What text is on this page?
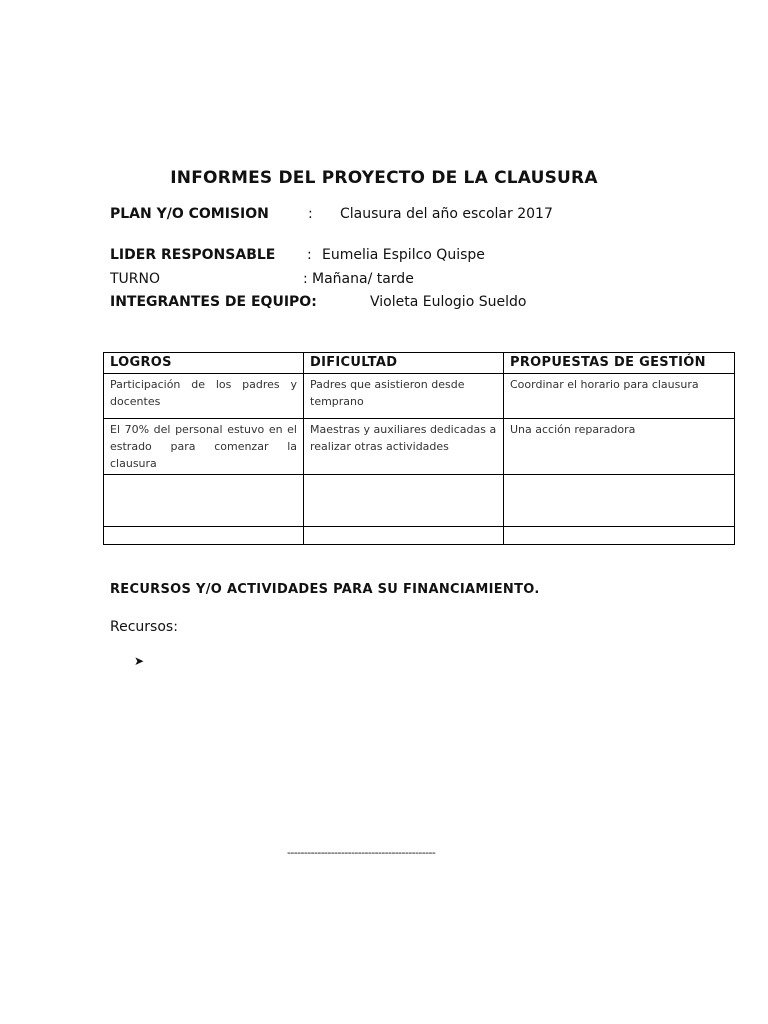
INFORMES DEL PROYECTO DE LA CLAUSURA
PLAN Y/O COMISION	: Clausura del año escolar 2017
LIDER RESPONSABLE : Eumelia Espilco Quispe
TURNO	: Mañana/ tarde
INTEGRANTES DE EQUIPO:	Violeta Eulogio Sueldo
LOGROS	DIFICULTAD	PROPUESTAS DE GESTIÓN
Participación de los padres y docentes	Padres que asistieron desde temprano	Coordinar el horario para clausura
El 70% del personal estuvo en el estrado para comenzar la clausura	Maestras y auxiliares dedicadas a realizar otras actividades	Una acción reparadora

RECURSOS Y/O ACTIVIDADES PARA SU FINANCIAMIENTO.
Recursos:
➤
--------------------------------------------
